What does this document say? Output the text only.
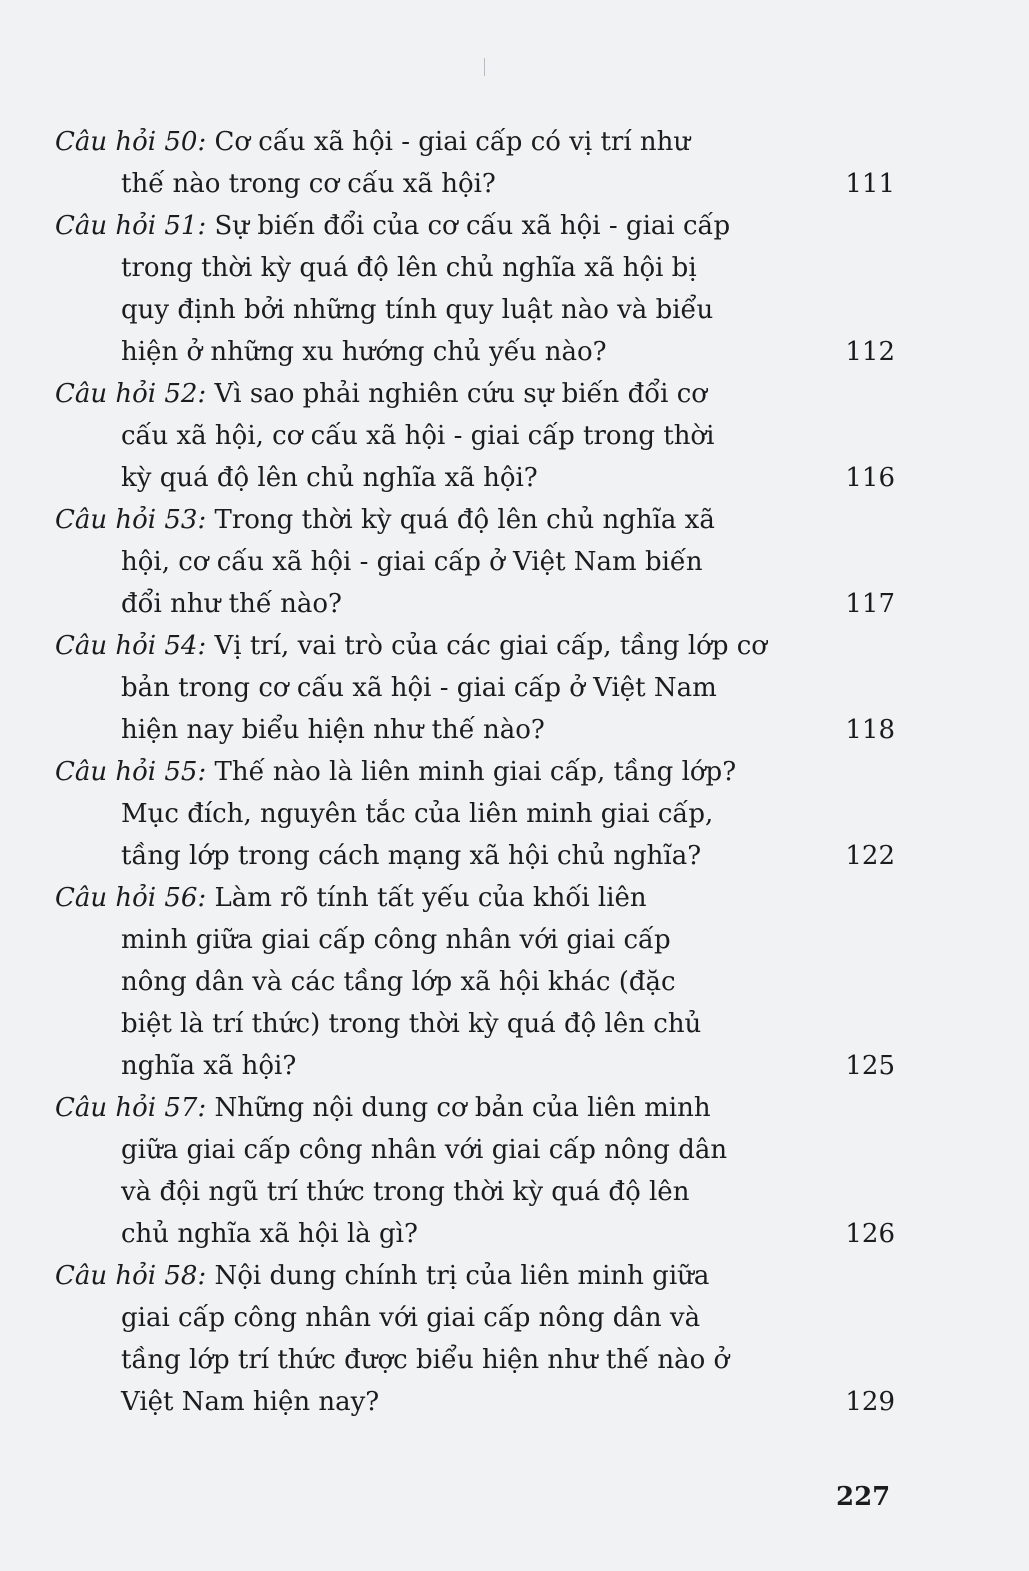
Câu hỏi 50: Cơ cấu xã hội - giai cấp có vị trí như
thế nào trong cơ cấu xã hội?	111
Câu hỏi 51: Sự biến đổi của cơ cấu xã hội - giai cấp
trong thời kỳ quá độ lên chủ nghĩa xã hội bị
quy định bởi những tính quy luật nào và biểu
hiện ở những xu hướng chủ yếu nào?	112
Câu hỏi 52: Vì sao phải nghiên cứu sự biến đổi cơ
cấu xã hội, cơ cấu xã hội - giai cấp trong thời
kỳ quá độ lên chủ nghĩa xã hội?	116
Câu hỏi 53: Trong thời kỳ quá độ lên chủ nghĩa xã
hội, cơ cấu xã hội - giai cấp ở Việt Nam biến
đổi như thế nào?	117
Câu hỏi 54: Vị trí, vai trò của các giai cấp, tầng lớp cơ
bản trong cơ cấu xã hội - giai cấp ở Việt Nam
hiện nay biểu hiện như thế nào?	118
Câu hỏi 55: Thế nào là liên minh giai cấp, tầng lớp?
Mục đích, nguyên tắc của liên minh giai cấp,
tầng lớp trong cách mạng xã hội chủ nghĩa?	122
Câu hỏi 56: Làm rõ tính tất yếu của khối liên
minh giữa giai cấp công nhân với giai cấp
nông dân và các tầng lớp xã hội khác (đặc
biệt là trí thức) trong thời kỳ quá độ lên chủ
nghĩa xã hội?	125
Câu hỏi 57: Những nội dung cơ bản của liên minh
giữa giai cấp công nhân với giai cấp nông dân
và đội ngũ trí thức trong thời kỳ quá độ lên
chủ nghĩa xã hội là gì?	126
Câu hỏi 58: Nội dung chính trị của liên minh giữa
giai cấp công nhân với giai cấp nông dân và
tầng lớp trí thức được biểu hiện như thế nào ở
Việt Nam hiện nay?	129
227
